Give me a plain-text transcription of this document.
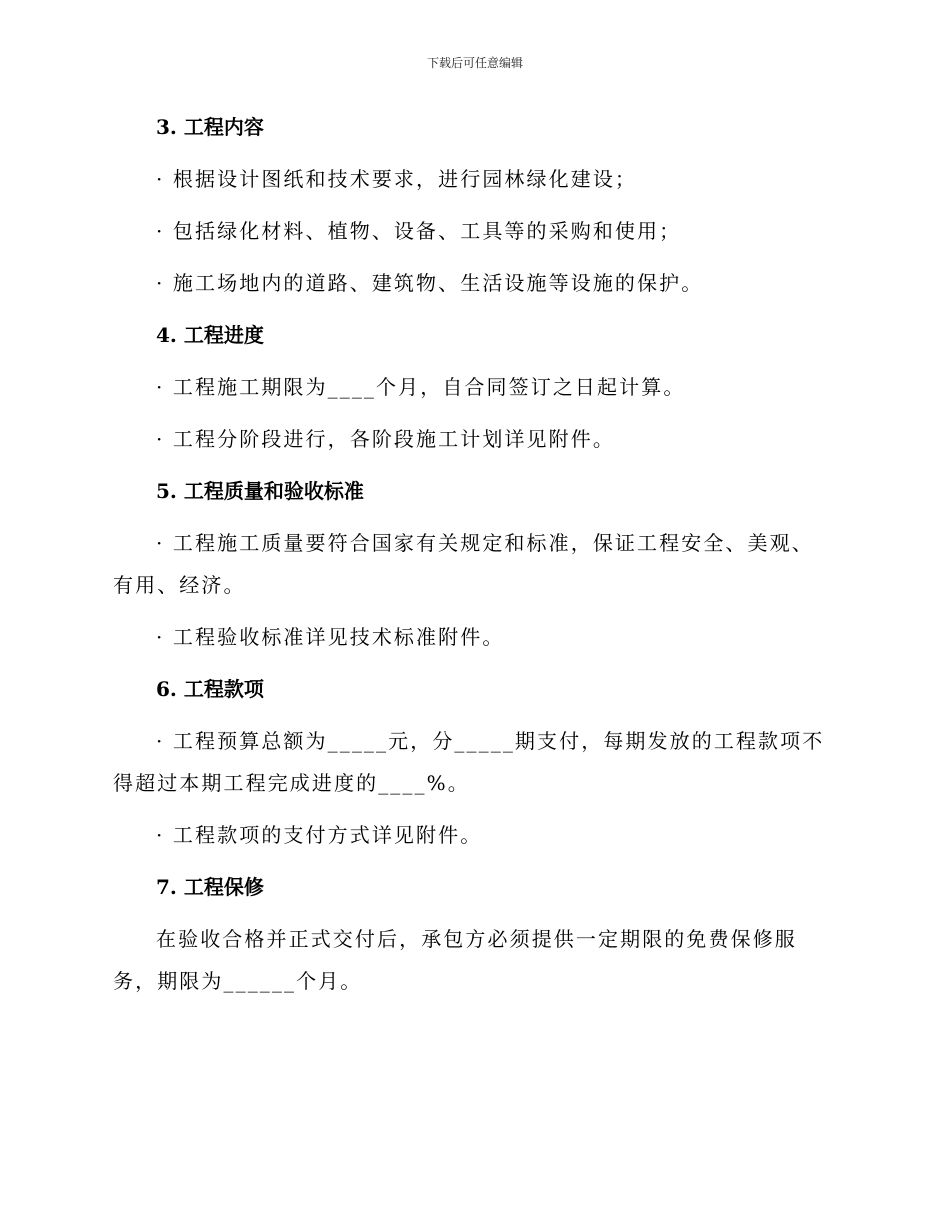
下载后可任意编辑
3. 工程内容
· 根据设计图纸和技术要求，进行园林绿化建设；
· 包括绿化材料、植物、设备、工具等的采购和使用；
· 施工场地内的道路、建筑物、生活设施等设施的保护。
4. 工程进度
· 工程施工期限为____个月，自合同签订之日起计算。
· 工程分阶段进行，各阶段施工计划详见附件。
5. 工程质量和验收标准
· 工程施工质量要符合国家有关规定和标准，保证工程安全、美观、有用、经济。
· 工程验收标准详见技术标准附件。
6. 工程款项
· 工程预算总额为_____元，分_____期支付，每期发放的工程款项不得超过本期工程完成进度的____%。
· 工程款项的支付方式详见附件。
7. 工程保修
在验收合格并正式交付后，承包方必须提供一定期限的免费保修服务，期限为______个月。
